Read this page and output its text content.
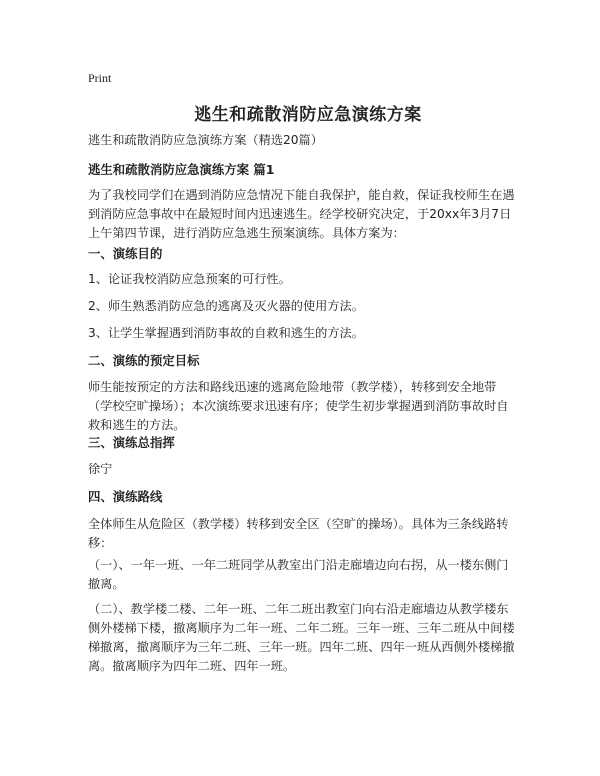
Print
逃生和疏散消防应急演练方案

逃生和疏散消防应急演练方案（精选20篇）

逃生和疏散消防应急演练方案 篇1

为了我校同学们在遇到消防应急情况下能自我保护，能自救，保证我校师生在遇到消防应急事故中在最短时间内迅速逃生。经学校研究决定，于20xx年3月7日上午第四节课，进行消防应急逃生预案演练。具体方案为：

一、演练目的

1、论证我校消防应急预案的可行性。

2、师生熟悉消防应急的逃离及灭火器的使用方法。

3、让学生掌握遇到消防事故的自救和逃生的方法。

二、演练的预定目标

师生能按预定的方法和路线迅速的逃离危险地带（教学楼），转移到安全地带（学校空旷操场）；本次演练要求迅速有序；使学生初步掌握遇到消防事故时自救和逃生的方法。

三、演练总指挥

徐宁

四、演练路线

全体师生从危险区（教学楼）转移到安全区（空旷的操场）。具体为三条线路转移：

（一）、一年一班、一年二班同学从教室出门沿走廊墙边向右拐，从一楼东侧门撤离。

（二）、教学楼二楼、二年一班、二年二班出教室门向右沿走廊墙边从教学楼东侧外楼梯下楼，撤离顺序为二年一班、二年二班。三年一班、三年二班从中间楼梯撤离，撤离顺序为三年二班、三年一班。四年二班、四年一班从西侧外楼梯撤离。撤离顺序为四年二班、四年一班。
